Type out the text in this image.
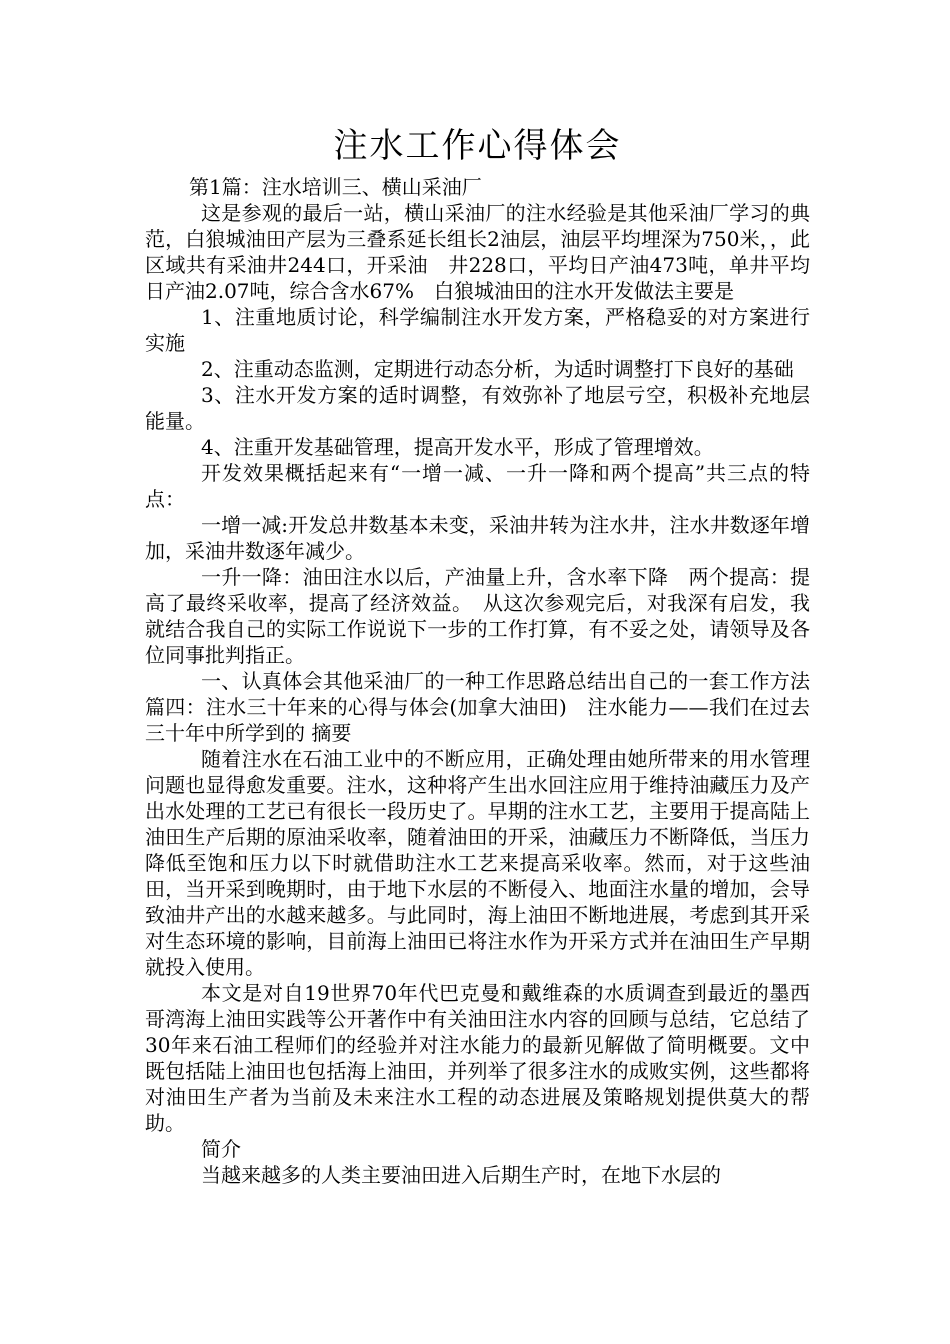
注水工作心得体会

第1篇：注水培训三、横山采油厂

这是参观的最后一站，横山采油厂的注水经验是其他采油厂学习的典范，白狼城油田产层为三叠系延长组长2油层，油层平均埋深为750米，，此区域共有采油井244口，开采油　井228口，平均日产油473吨，单井平均日产油2.07吨，综合含水67%　白狼城油田的注水开发做法主要是

1、注重地质讨论，科学编制注水开发方案，严格稳妥的对方案进行实施

2、注重动态监测，定期进行动态分析，为适时调整打下良好的基础

3、注水开发方案的适时调整，有效弥补了地层亏空，积极补充地层能量。

4、注重开发基础管理，提高开发水平，形成了管理增效。

开发效果概括起来有“一增一减、一升一降和两个提高”共三点的特点：

一增一减:开发总井数基本未变，采油井转为注水井，注水井数逐年增加，采油井数逐年减少。

一升一降：油田注水以后，产油量上升，含水率下降　两个提高：提高了最终采收率，提高了经济效益。　从这次参观完后，对我深有启发，我就结合我自己的实际工作说说下一步的工作打算，有不妥之处，请领导及各位同事批判指正。

一、认真体会其他采油厂的一种工作思路总结出自己的一套工作方法篇四：注水三十年来的心得与体会(加拿大油田)　注水能力——我们在过去三十年中所学到的 摘要

随着注水在石油工业中的不断应用，正确处理由她所带来的用水管理问题也显得愈发重要。注水，这种将产生出水回注应用于维持油藏压力及产出水处理的工艺已有很长一段历史了。早期的注水工艺，主要用于提高陆上油田生产后期的原油采收率，随着油田的开采，油藏压力不断降低，当压力降低至饱和压力以下时就借助注水工艺来提高采收率。然而，对于这些油田，当开采到晚期时，由于地下水层的不断侵入、地面注水量的增加，会导致油井产出的水越来越多。与此同时，海上油田不断地进展，考虑到其开采对生态环境的影响，目前海上油田已将注水作为开采方式并在油田生产早期就投入使用。

本文是对自19世界70年代巴克曼和戴维森的水质调查到最近的墨西哥湾海上油田实践等公开著作中有关油田注水内容的回顾与总结，它总结了30年来石油工程师们的经验并对注水能力的最新见解做了简明概要。文中既包括陆上油田也包括海上油田，并列举了很多注水的成败实例，这些都将对油田生产者为当前及未来注水工程的动态进展及策略规划提供莫大的帮助。

简介

当越来越多的人类主要油田进入后期生产时，在地下水层的
